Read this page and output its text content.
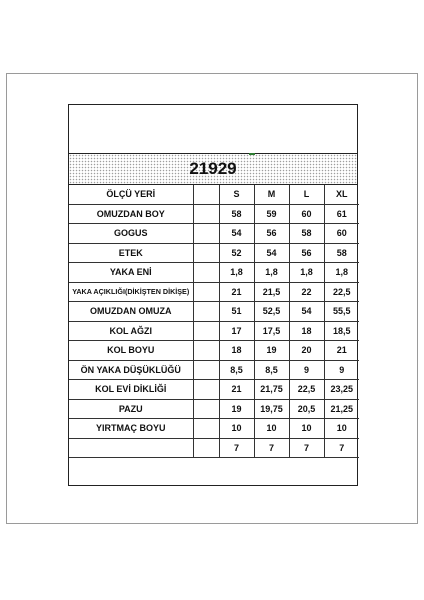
21929
ÖLÇÜ YERİ		S	M	L	XL
OMUZDAN BOY		58	59	60	61
GOGUS		54	56	58	60
ETEK		52	54	56	58
YAKA ENİ		1,8	1,8	1,8	1,8
YAKA AÇIKLIĞI(DİKİŞTEN DİKİŞE)		21	21,5	22	22,5
OMUZDAN OMUZA		51	52,5	54	55,5
KOL AĞZI		17	17,5	18	18,5
KOL BOYU		18	19	20	21
ÖN YAKA DÜŞÜKLÜĞÜ		8,5	8,5	9	9
KOL EVİ DİKLİĞİ		21	21,75	22,5	23,25
PAZU		19	19,75	20,5	21,25
YIRTMAÇ BOYU		10	10	10	10
		7	7	7	7
